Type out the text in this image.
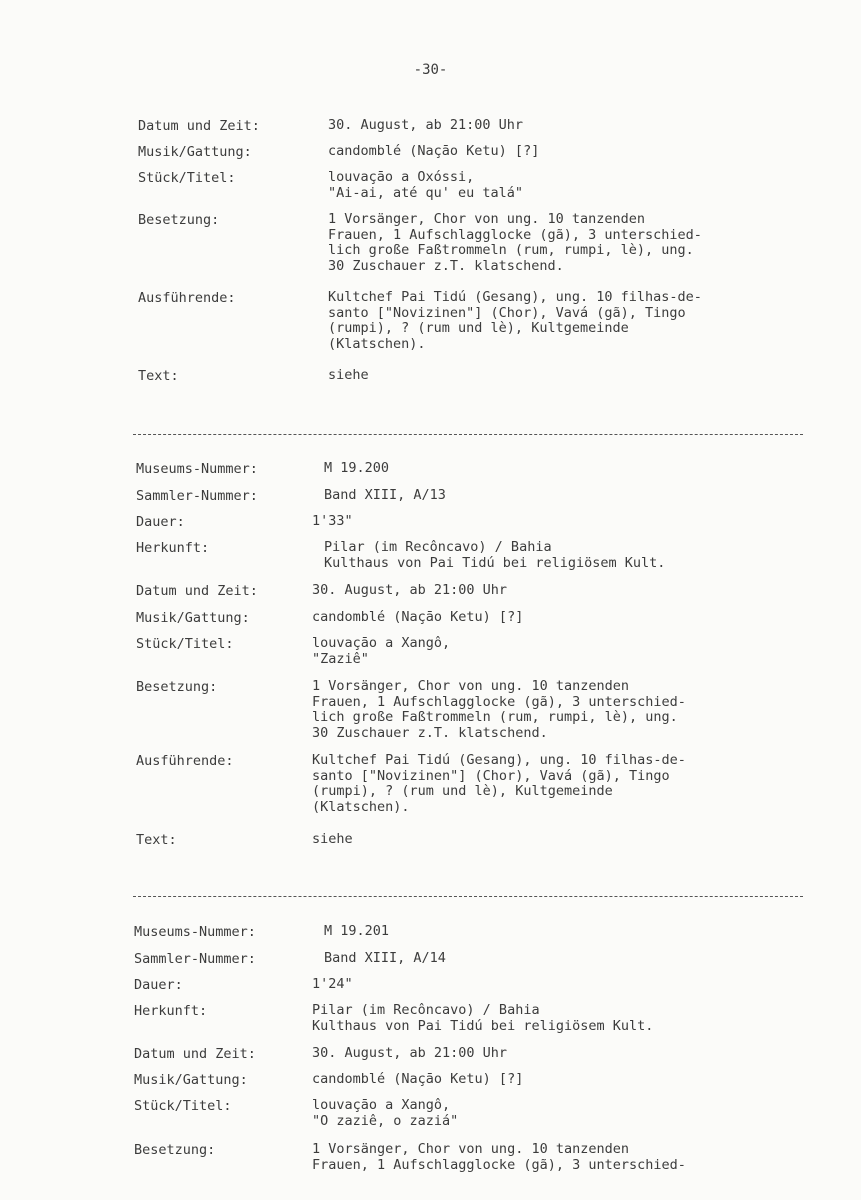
-30-
Datum und Zeit:	30. August, ab 21:00 Uhr
Musik/Gattung:	candomblé (Naçāo Ketu) [?]
Stück/Titel:	louvaçāo a Oxóssi,
"Ai-ai, até qu' eu talá"
Besetzung:	1 Vorsänger, Chor von ung. 10 tanzenden
Frauen, 1 Aufschlagglocke (gã), 3 unterschied-
lich große Faßtrommeln (rum, rumpi, lè), ung.
30 Zuschauer z.T. klatschend.
Ausführende:	Kultchef Pai Tidú (Gesang), ung. 10 filhas-de-
santo ["Novizinen"] (Chor), Vavá (gã), Tingo
(rumpi), ? (rum und lè), Kultgemeinde
(Klatschen).
Text:	siehe
Museums-Nummer:	M 19.200
Sammler-Nummer:	Band XIII, A/13
Dauer:	1'33"
Herkunft:	Pilar (im Recôncavo) / Bahia
Kulthaus von Pai Tidú bei religiösem Kult.
Datum und Zeit:	30. August, ab 21:00 Uhr
Musik/Gattung:	candomblé (Naçāo Ketu) [?]
Stück/Titel:	louvaçāo a Xangô,
"Zaziê"
Besetzung:	1 Vorsänger, Chor von ung. 10 tanzenden
Frauen, 1 Aufschlagglocke (gã), 3 unterschied-
lich große Faßtrommeln (rum, rumpi, lè), ung.
30 Zuschauer z.T. klatschend.
Ausführende:	Kultchef Pai Tidú (Gesang), ung. 10 filhas-de-
santo ["Novizinen"] (Chor), Vavá (gã), Tingo
(rumpi), ? (rum und lè), Kultgemeinde
(Klatschen).
Text:	siehe
Museums-Nummer:	M 19.201
Sammler-Nummer:	Band XIII, A/14
Dauer:	1'24"
Herkunft:	Pilar (im Recôncavo) / Bahia
Kulthaus von Pai Tidú bei religiösem Kult.
Datum und Zeit:	30. August, ab 21:00 Uhr
Musik/Gattung:	candomblé (Naçāo Ketu) [?]
Stück/Titel:	louvaçāo a Xangô,
"O zaziê, o zaziá"
Besetzung:	1 Vorsänger, Chor von ung. 10 tanzenden
Frauen, 1 Aufschlagglocke (gã), 3 unterschied-
